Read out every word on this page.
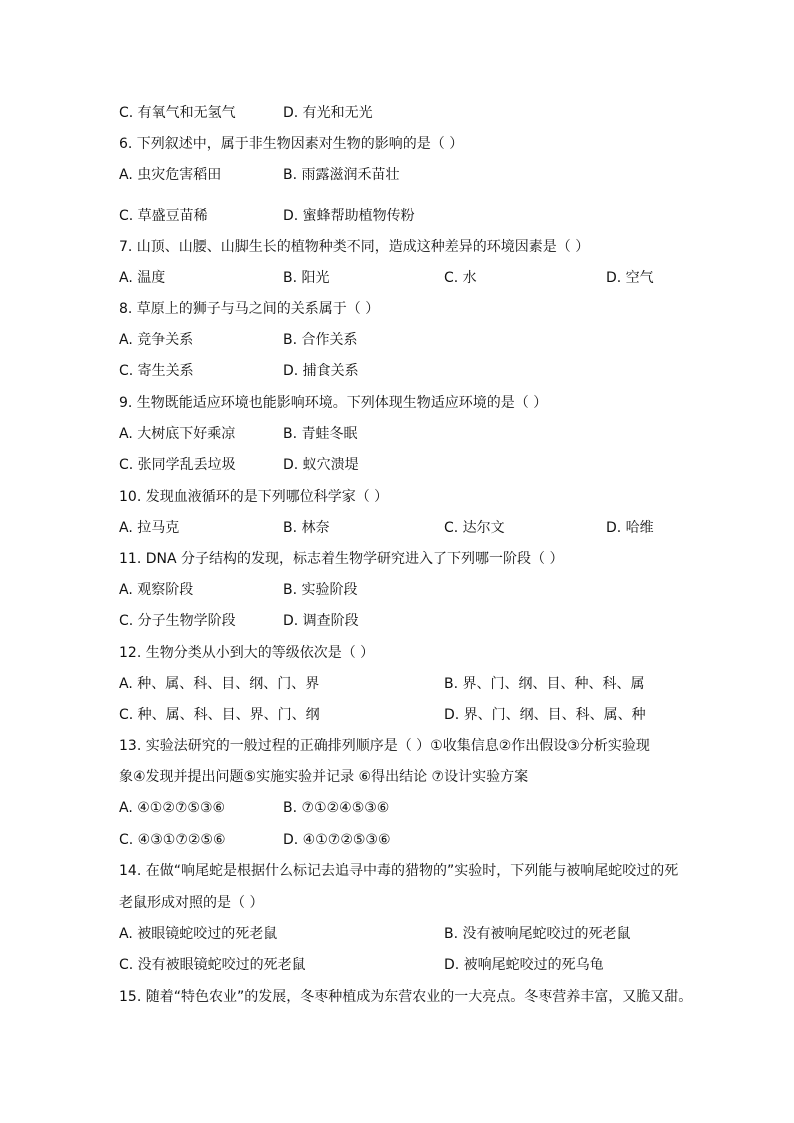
C. 有氧气和无氢气	D. 有光和无光
6. 下列叙述中，属于非生物因素对生物的影响的是（ ）
A. 虫灾危害稻田	B. 雨露滋润禾苗壮
C. 草盛豆苗稀	D. 蜜蜂帮助植物传粉
7. 山顶、山腰、山脚生长的植物种类不同，造成这种差异的环境因素是（ ）
A. 温度	B. 阳光	C. 水	D. 空气
8. 草原上的狮子与马之间的关系属于（ ）
A. 竞争关系	B. 合作关系
C. 寄生关系	D. 捕食关系
9. 生物既能适应环境也能影响环境。下列体现生物适应环境的是（ ）
A. 大树底下好乘凉	B. 青蛙冬眠
C. 张同学乱丢垃圾	D. 蚁穴溃堤
10. 发现血液循环的是下列哪位科学家（ ）
A. 拉马克	B. 林奈	C. 达尔文	D. 哈维
11. DNA 分子结构的发现，标志着生物学研究进入了下列哪一阶段（ ）
A. 观察阶段	B. 实验阶段
C. 分子生物学阶段	D. 调查阶段
12. 生物分类从小到大的等级依次是（ ）
A. 种、属、科、目、纲、门、界	B. 界、门、纲、目、种、科、属
C. 种、属、科、目、界、门、纲	D. 界、门、纲、目、科、属、种
13. 实验法研究的一般过程的正确排列顺序是（ ）①收集信息②作出假设③分析实验现
象④发现并提出问题⑤实施实验并记录 ⑥得出结论 ⑦设计实验方案
A. ④①②⑦⑤③⑥	B. ⑦①②④⑤③⑥
C. ④③①⑦②⑤⑥	D. ④①⑦②⑤③⑥
14. 在做“响尾蛇是根据什么标记去追寻中毒的猎物的”实验时，下列能与被响尾蛇咬过的死
老鼠形成对照的是（ ）
A. 被眼镜蛇咬过的死老鼠	B. 没有被响尾蛇咬过的死老鼠
C. 没有被眼镜蛇咬过的死老鼠	D. 被响尾蛇咬过的死乌龟
15. 随着“特色农业”的发展，冬枣种植成为东营农业的一大亮点。冬枣营养丰富，又脆又甜。
